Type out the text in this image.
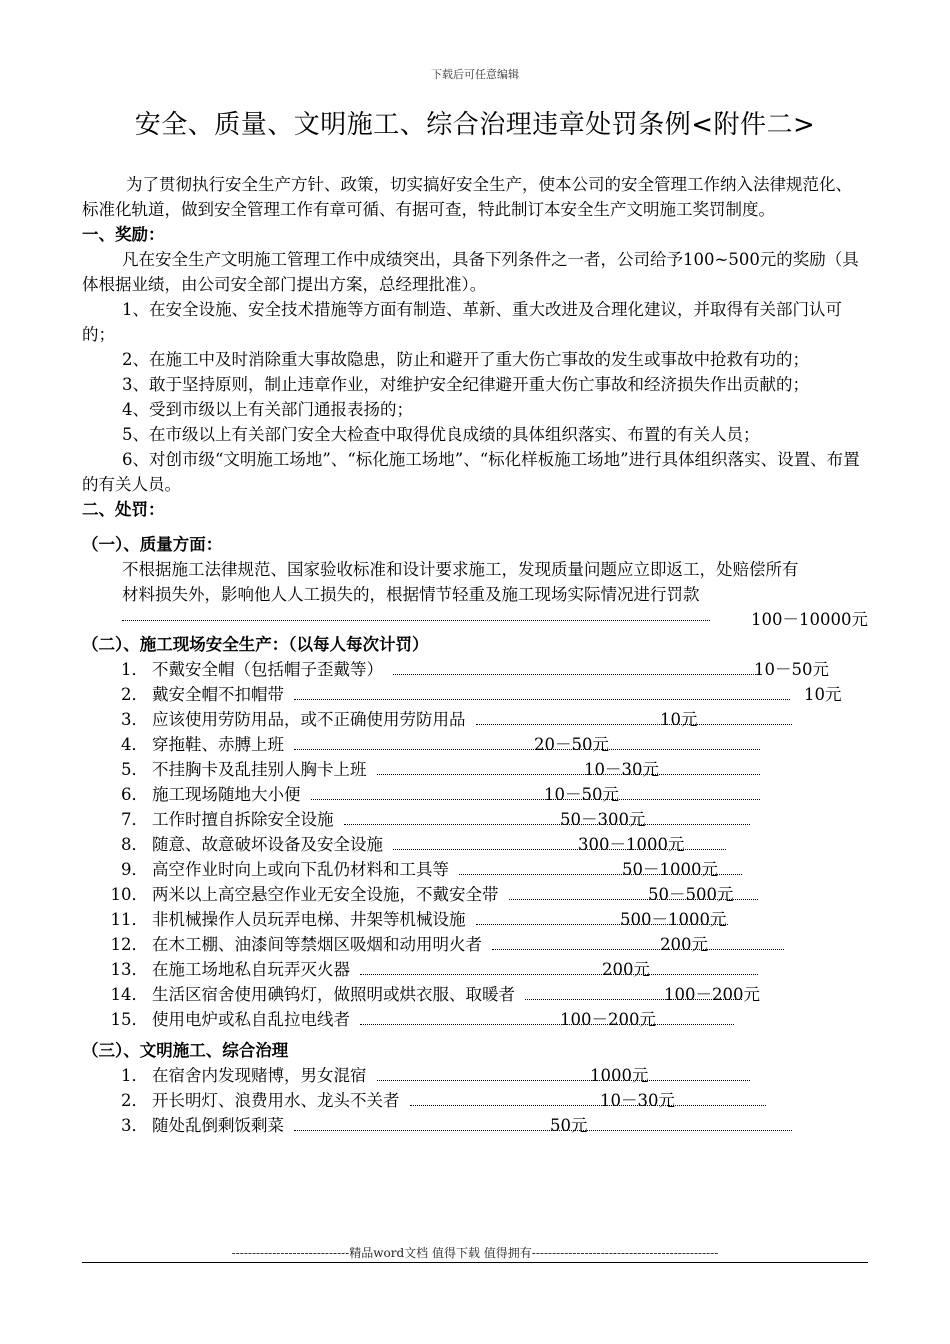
下载后可任意编辑
安全、质量、文明施工、综合治理违章处罚条例<附件二>

为了贯彻执行安全生产方针、政策，切实搞好安全生产，使本公司的安全管理工作纳入法律规范化、标准化轨道，做到安全管理工作有章可循、有据可查，特此制订本安全生产文明施工奖罚制度。

一、奖励：

凡在安全生产文明施工管理工作中成绩突出，具备下列条件之一者，公司给予100~500元的奖励（具体根据业绩，由公司安全部门提出方案，总经理批准）。

1、在安全设施、安全技术措施等方面有制造、革新、重大改进及合理化建议，并取得有关部门认可的；

2、在施工中及时消除重大事故隐患，防止和避开了重大伤亡事故的发生或事故中抢救有功的；

3、敢于坚持原则，制止违章作业，对维护安全纪律避开重大伤亡事故和经济损失作出贡献的；

4、受到市级以上有关部门通报表扬的；

5、在市级以上有关部门安全大检查中取得优良成绩的具体组织落实、布置的有关人员；

6、对创市级“文明施工场地”、“标化施工场地”、“标化样板施工场地”进行具体组织落实、设置、布置的有关人员。

二、处罚：

（一）、质量方面：

不根据施工法律规范、国家验收标准和设计要求施工，发现质量问题应立即返工，处赔偿所有

材料损失外，影响他人人工损失的，根据情节轻重及施工现场实际情况进行罚款

100－10000元

（二）、施工现场安全生产：（以每人每次计罚）

1． 不戴安全帽（包括帽子歪戴等）	10－50元
2． 戴安全帽不扣帽带	10元
3． 应该使用劳防用品，或不正确使用劳防用品	10元
4． 穿拖鞋、赤膊上班	20－50元
5． 不挂胸卡及乱挂别人胸卡上班	10－30元
6． 施工现场随地大小便	10－50元
7． 工作时擅自拆除安全设施	50－300元
8． 随意、故意破坏设备及安全设施	300－1000元
9． 高空作业时向上或向下乱仍材料和工具等	50－1000元
10． 两米以上高空悬空作业无安全设施，不戴安全带	50－500元
11． 非机械操作人员玩弄电梯、井架等机械设施	500－1000元
12． 在木工棚、油漆间等禁烟区吸烟和动用明火者	200元
13． 在施工场地私自玩弄灭火器	200元
14． 生活区宿舍使用碘钨灯，做照明或烘衣服、取暖者	100－200元
15． 使用电炉或私自乱拉电线者	100－200元

（三）、文明施工、综合治理

1． 在宿舍内发现赌博，男女混宿	1000元
2． 开长明灯、浪费用水、龙头不关者	10－30元
3． 随处乱倒剩饭剩菜	50元
-----------------------------精品word文档 值得下载 值得拥有----------------------------------------------
